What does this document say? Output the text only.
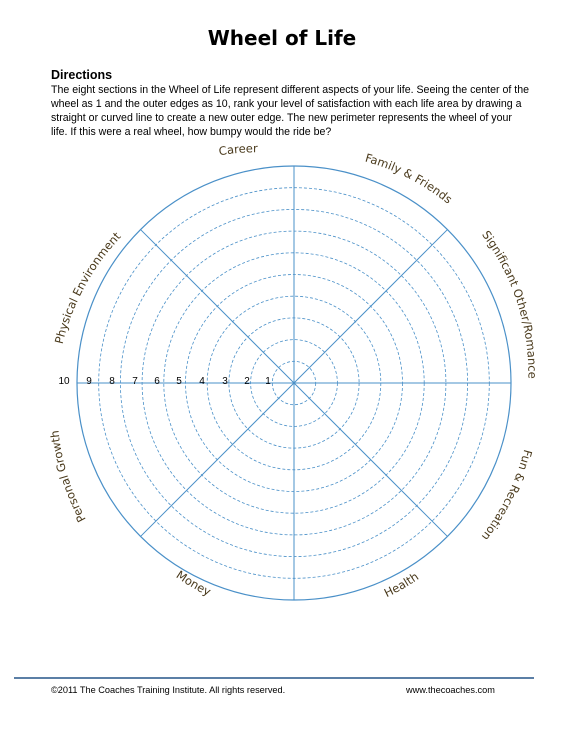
Wheel of Life
Directions
The eight sections in the Wheel of Life represent different aspects of your life. Seeing the center of the wheel as 1 and the outer edges as 10, rank your level of satisfaction with each life area by drawing a straight or curved line to create a new outer edge. The new perimeter represents the wheel of your life. If this were a real wheel, how bumpy would the ride be?
Career
Family & Friends
Significant Other/Romance
Fun & Recreation
Health
Money
Personal Growth
Physical Environment
10 9 8 7 6 5 4 3 2 1
©2011 The Coaches Training Institute. All rights reserved.	www.thecoaches.com
